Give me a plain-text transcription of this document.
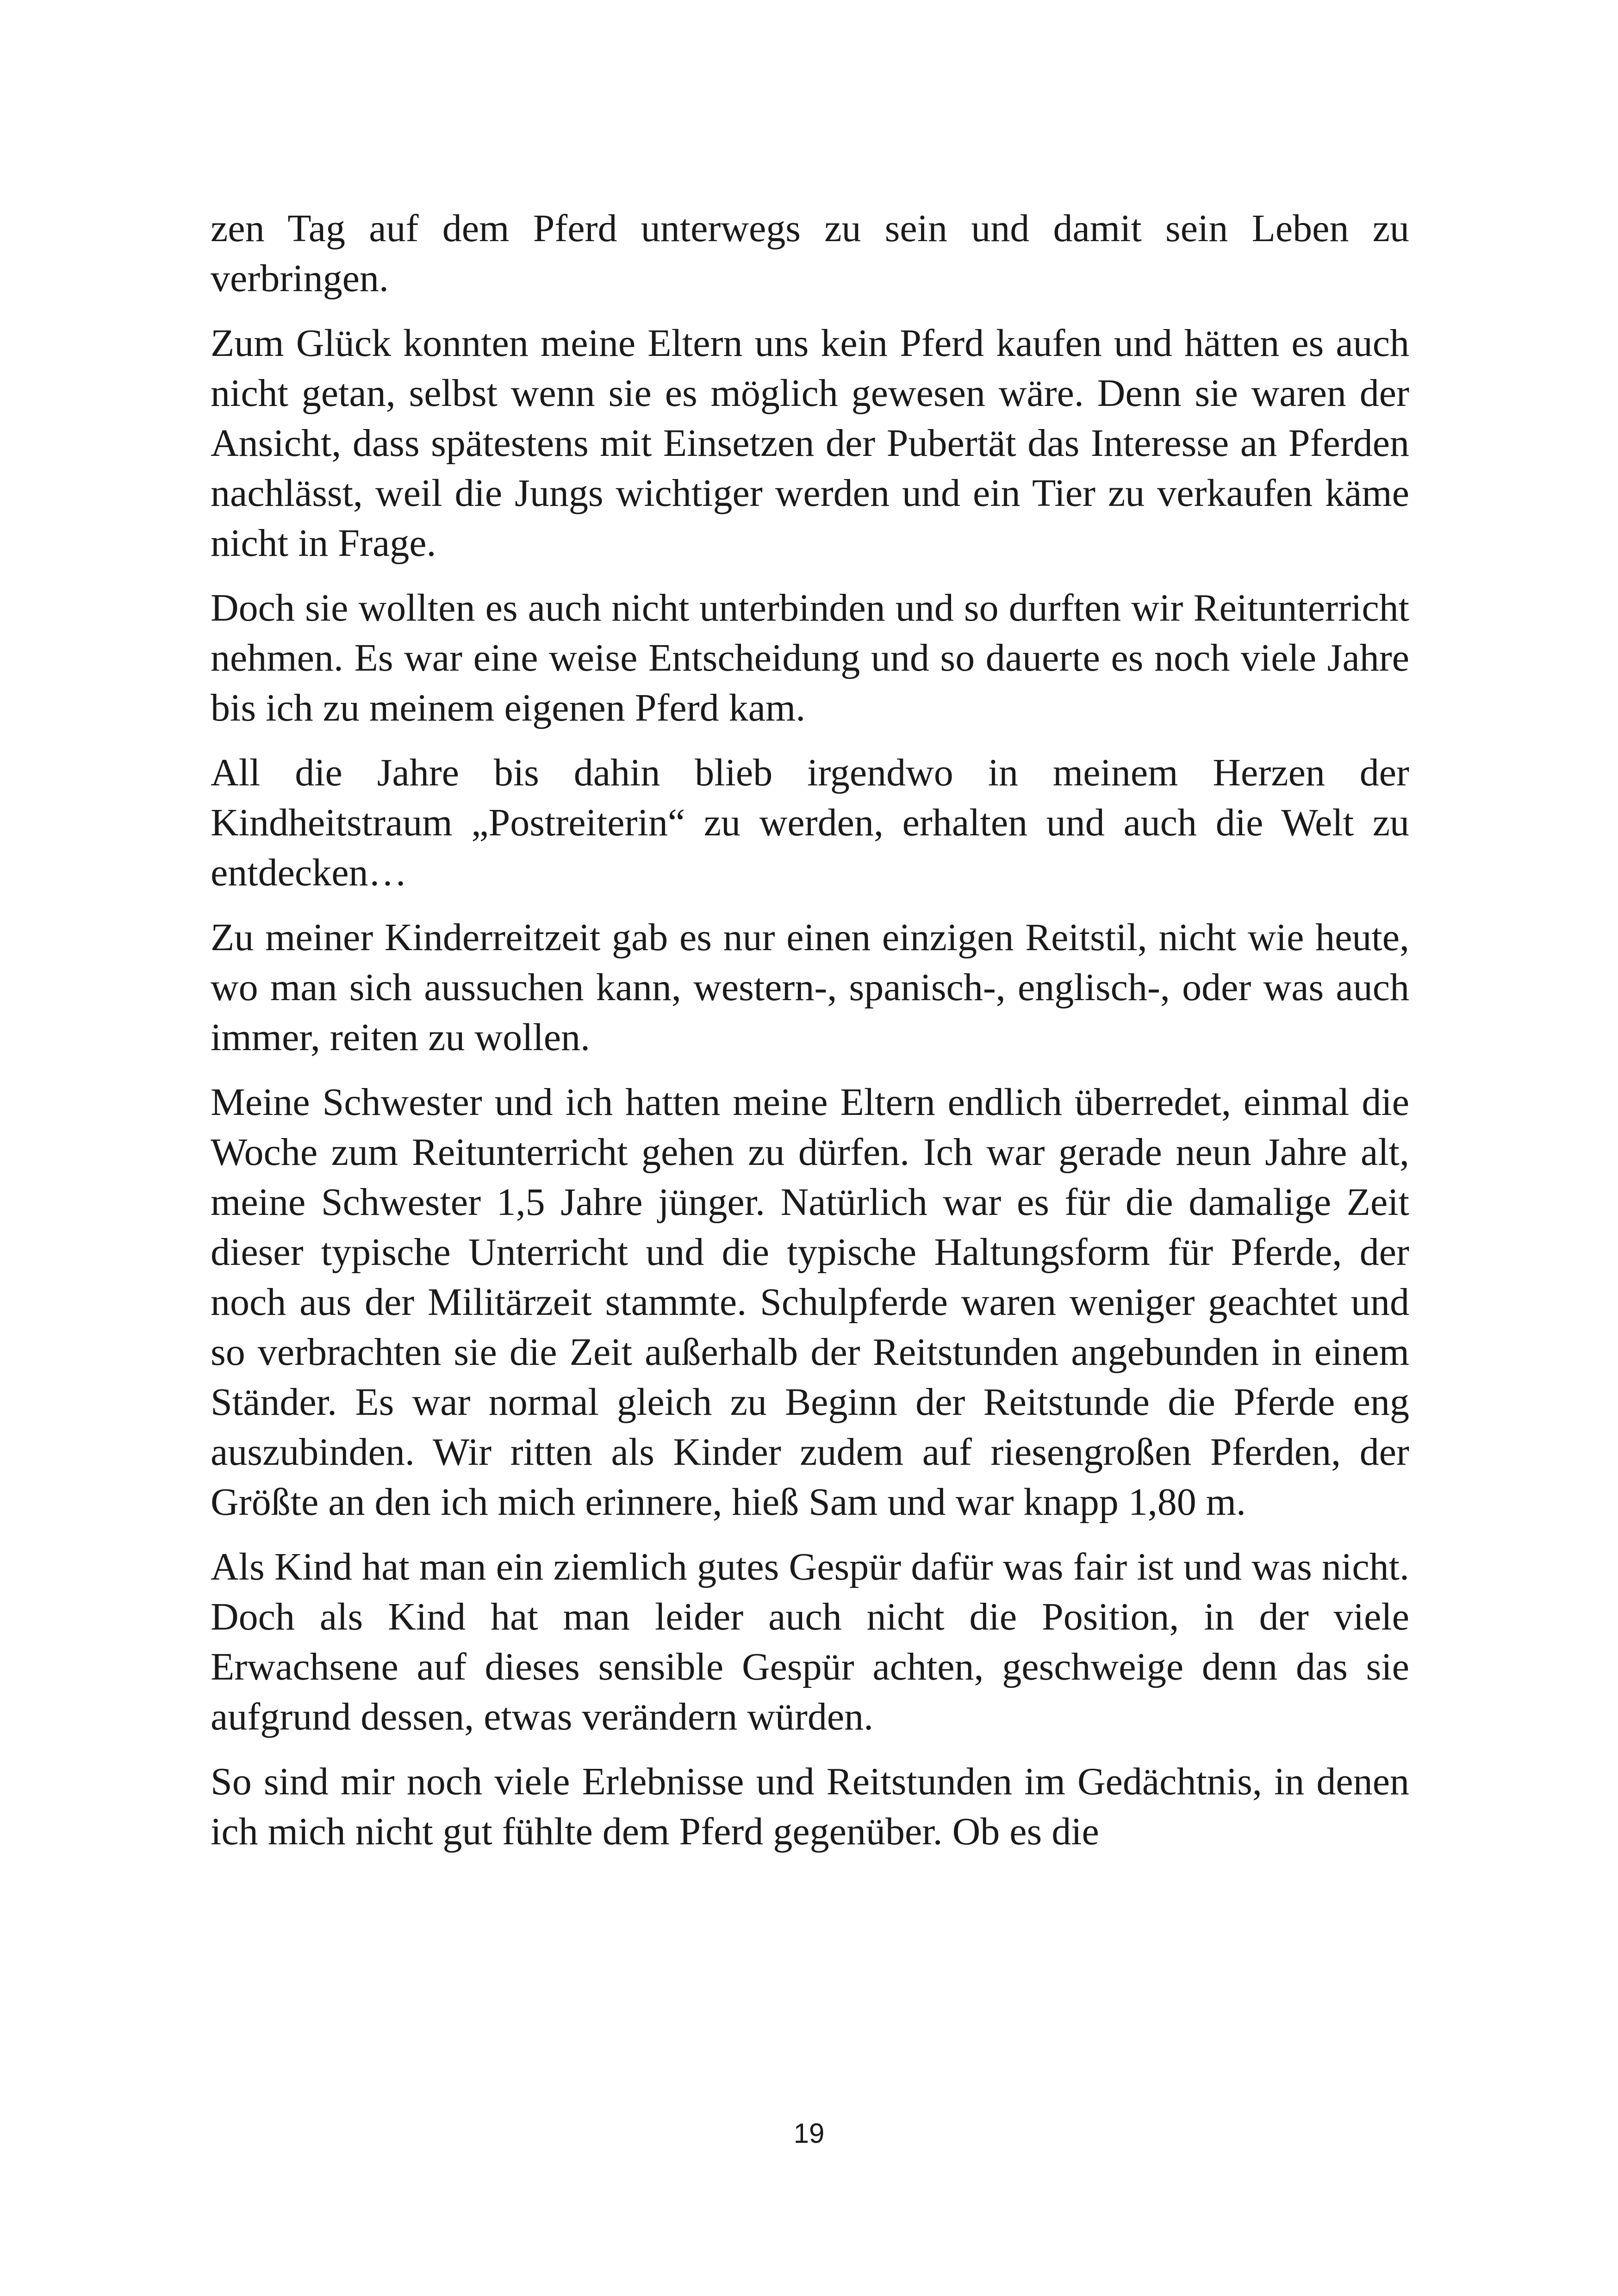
zen Tag auf dem Pferd unterwegs zu sein und damit sein Leben zu verbringen.

Zum Glück konnten meine Eltern uns kein Pferd kaufen und hätten es auch nicht getan, selbst wenn sie es möglich gewesen wäre. Denn sie waren der Ansicht, dass spätestens mit Einsetzen der Pubertät das Interesse an Pferden nachlässt, weil die Jungs wichtiger werden und ein Tier zu verkaufen käme nicht in Frage.

Doch sie wollten es auch nicht unterbinden und so durften wir Reitunterricht nehmen. Es war eine weise Entscheidung und so dauerte es noch viele Jahre bis ich zu meinem eigenen Pferd kam.

All die Jahre bis dahin blieb irgendwo in meinem Herzen der Kindheitstraum „Postreiterin“ zu werden, erhalten und auch die Welt zu entdecken…

Zu meiner Kinderreitzeit gab es nur einen einzigen Reitstil, nicht wie heute, wo man sich aussuchen kann, western-, spanisch-, englisch-, oder was auch immer, reiten zu wollen.

Meine Schwester und ich hatten meine Eltern endlich überredet, einmal die Woche zum Reitunterricht gehen zu dürfen. Ich war gerade neun Jahre alt, meine Schwester 1,5 Jahre jünger. Natürlich war es für die damalige Zeit dieser typische Unterricht und die typische Haltungsform für Pferde, der noch aus der Militärzeit stammte. Schulpferde waren weniger geachtet und so verbrachten sie die Zeit außerhalb der Reitstunden angebunden in einem Ständer. Es war normal gleich zu Beginn der Reitstunde die Pferde eng auszubinden. Wir ritten als Kinder zudem auf riesengroßen Pferden, der Größte an den ich mich erinnere, hieß Sam und war knapp 1,80 m.

Als Kind hat man ein ziemlich gutes Gespür dafür was fair ist und was nicht. Doch als Kind hat man leider auch nicht die Position, in der viele Erwachsene auf dieses sensible Gespür achten, geschweige denn das sie aufgrund dessen, etwas verändern würden.

So sind mir noch viele Erlebnisse und Reitstunden im Gedächtnis, in denen ich mich nicht gut fühlte dem Pferd gegenüber. Ob es die

19
